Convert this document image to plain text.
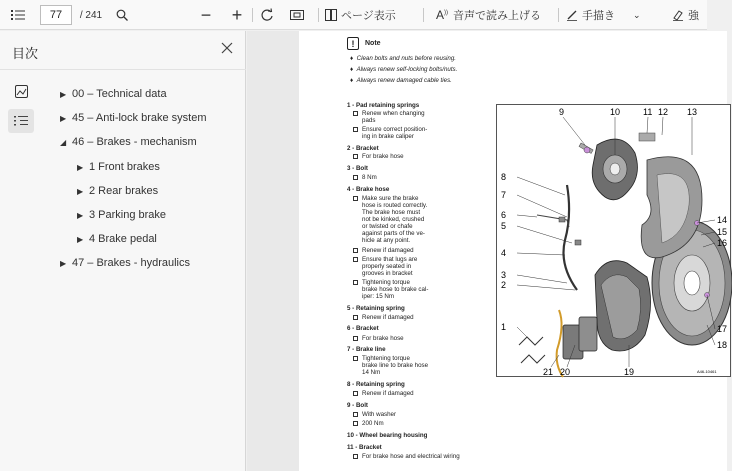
77	/ 241	− +	ページ表示	A)) 音声で読み上げる	手描き ⌄	強
目次
▶ 00 – Technical data
▶ 45 – Anti-lock brake system
◢ 46 – Brakes - mechanism
▶ 1 Front brakes
▶ 2 Rear brakes
▶ 3 Parking brake
▶ 4 Brake pedal
▶ 47 – Brakes - hydraulics
!	Note
♦  Clean bolts and nuts before reusing.
♦  Always renew self-locking bolts/nuts.
♦  Always renew damaged cable ties.
1 - Pad retaining springs
Renew when changing
pads
Ensure correct position-
ing in brake caliper
2 - Bracket
For brake hose
3 - Bolt
8 Nm
4 - Brake hose
Make sure the brake
hose is routed correctly.
The brake hose must
not be kinked, crushed
or twisted or chafe
against parts of the ve-
hicle at any point.
Renew if damaged
Ensure that lugs are
properly seated in
grooves in bracket
Tightening torque
brake hose to brake cal-
iper: 15 Nm
5 - Retaining spring
Renew if damaged
6 - Bracket
For brake hose
7 - Brake line
Tightening torque
brake line to brake hose
14 Nm
8 - Retaining spring
Renew if damaged
9 - Bolt
With washer
200 Nm
10 - Wheel bearing housing
11 - Bracket
For brake hose and electrical wiring
9	10	11 12 13
8
7
6
5
4
3
2
1
21 20	19
14
15
16
17
18
A46-10461
